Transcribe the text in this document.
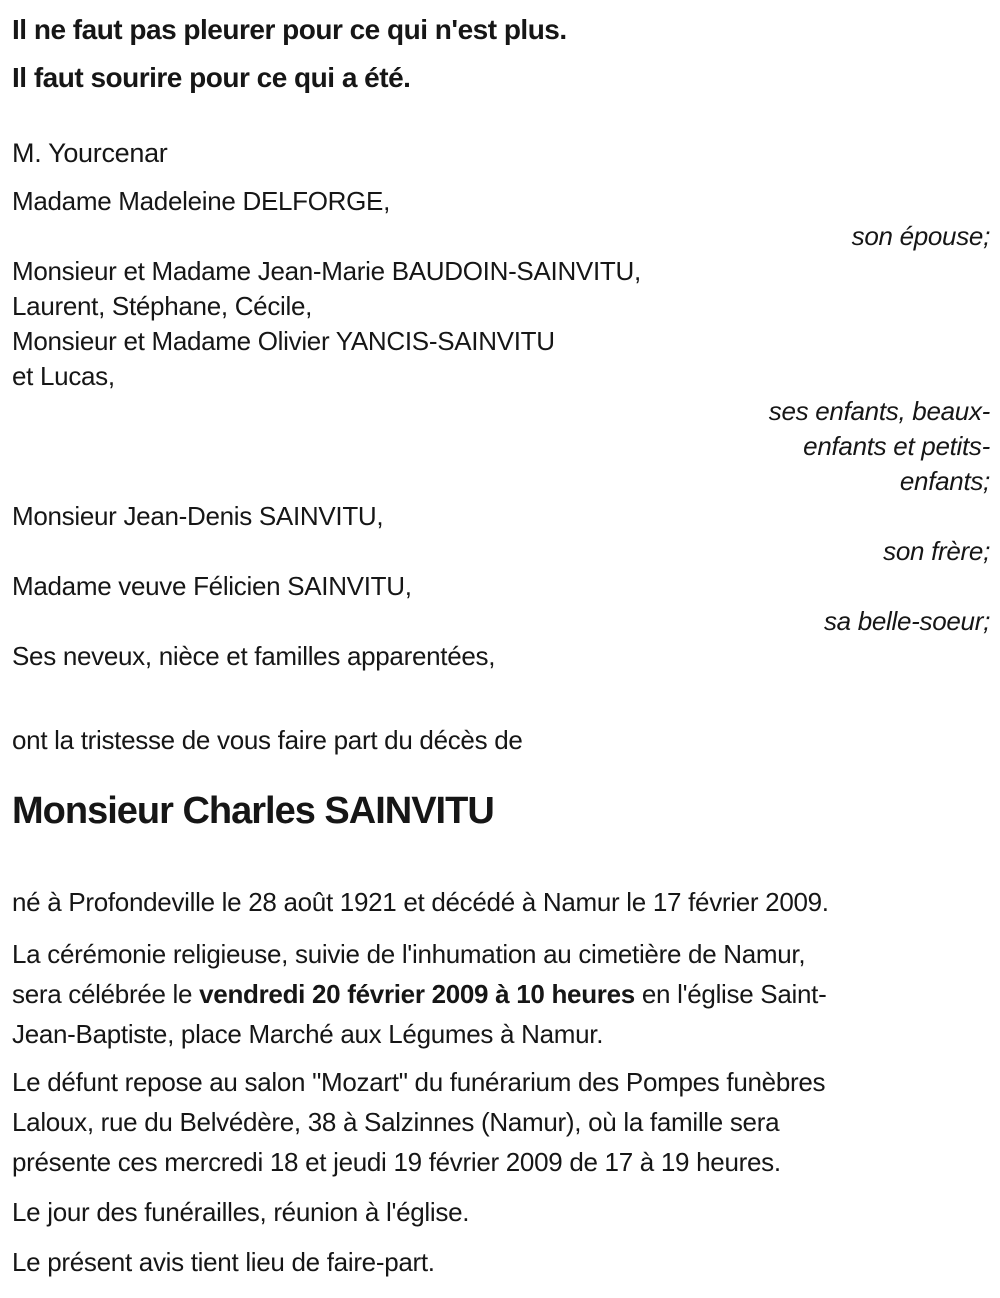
Il ne faut pas pleurer pour ce qui n'est plus.
Il faut sourire pour ce qui a été.
M. Yourcenar
Madame Madeleine DELFORGE,
son épouse;
Monsieur et Madame Jean-Marie BAUDOIN-SAINVITU,
Laurent, Stéphane, Cécile,
Monsieur et Madame Olivier YANCIS-SAINVITU
et Lucas,
ses enfants, beaux-
enfants et petits-
enfants;
Monsieur Jean-Denis SAINVITU,
son frère;
Madame veuve Félicien SAINVITU,
sa belle-soeur;
Ses neveux, nièce et familles apparentées,
ont la tristesse de vous faire part du décès de
Monsieur Charles SAINVITU
né à Profondeville le 28 août 1921 et décédé à Namur le 17 février 2009.
La cérémonie religieuse, suivie de l'inhumation au cimetière de Namur,
sera célébrée le vendredi 20 février 2009 à 10 heures en l'église Saint-
Jean-Baptiste, place Marché aux Légumes à Namur.
Le défunt repose au salon "Mozart" du funérarium des Pompes funèbres
Laloux, rue du Belvédère, 38 à Salzinnes (Namur), où la famille sera
présente ces mercredi 18 et jeudi 19 février 2009 de 17 à 19 heures.
Le jour des funérailles, réunion à l'église.
Le présent avis tient lieu de faire-part.
